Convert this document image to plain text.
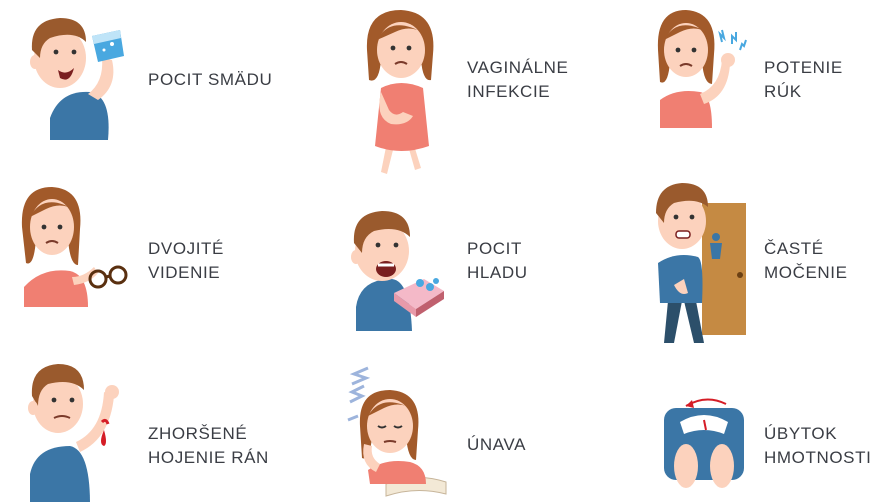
POCIT SMÄDU
VAGINÁLNE
INFEKCIE
POTENIE
RÚK
DVOJITÉ
VIDENIE
POCIT
HLADU
ČASTÉ
MOČENIE
ZHORŠENÉ
HOJENIE RÁN
ÚNAVA
ÚBYTOK
HMOTNOSTI
